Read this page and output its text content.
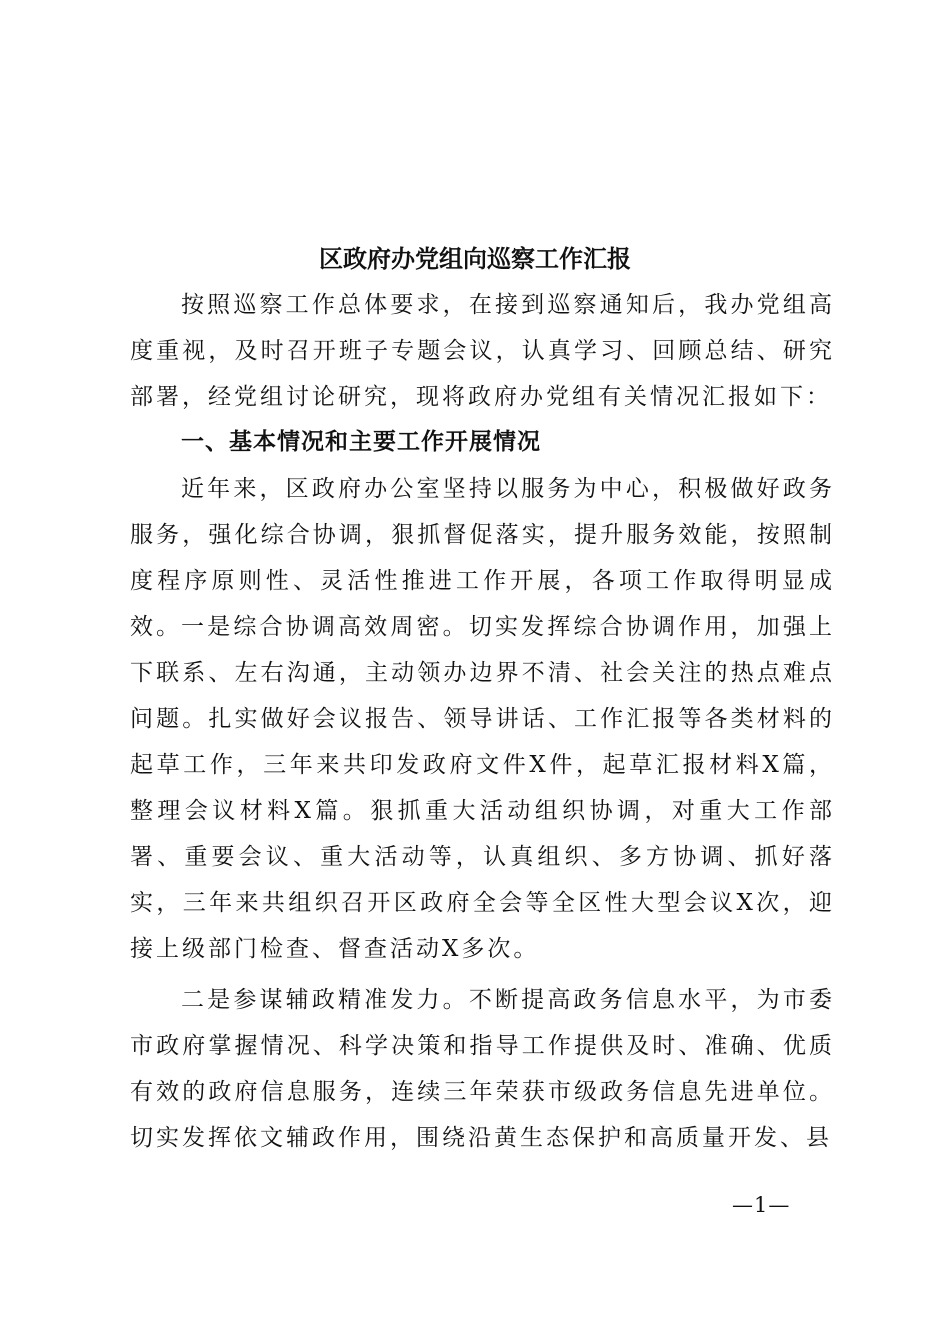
区政府办党组向巡察工作汇报

按照巡察工作总体要求，在接到巡察通知后，我办党组高度重视，及时召开班子专题会议，认真学习、回顾总结、研究部署，经党组讨论研究，现将政府办党组有关情况汇报如下：

一、基本情况和主要工作开展情况

近年来，区政府办公室坚持以服务为中心，积极做好政务服务，强化综合协调，狠抓督促落实，提升服务效能，按照制度程序原则性、灵活性推进工作开展，各项工作取得明显成效。 一是综合协调高效周密。切实发挥综合协调作用，加强上下联系、左右沟通，主动领办边界不清、社会关注的热点难点问题。扎实做好会议报告、领导讲话、工作汇报等各类材料的起草工作，三年来共印发政府文件X件，起草汇报材料X篇，整理会议材料X篇。狠抓重大活动组织协调，对重大工作部署、重要会议、重大活动等，认真组织、多方协调、抓好落实，三年来共组织召开区政府全会等全区性大型会议X次，迎接上级部门检查、督查活动X多次。

二是参谋辅政精准发力。不断提高政务信息水平，为市委市政府掌握情况、科学决策和指导工作提供及时、准确、优质有效的政府信息服务，连续三年荣获市级政务信息先进单位。切实发挥依文辅政作用，围绕沿黄生态保护和高质量开发、县

—1—
